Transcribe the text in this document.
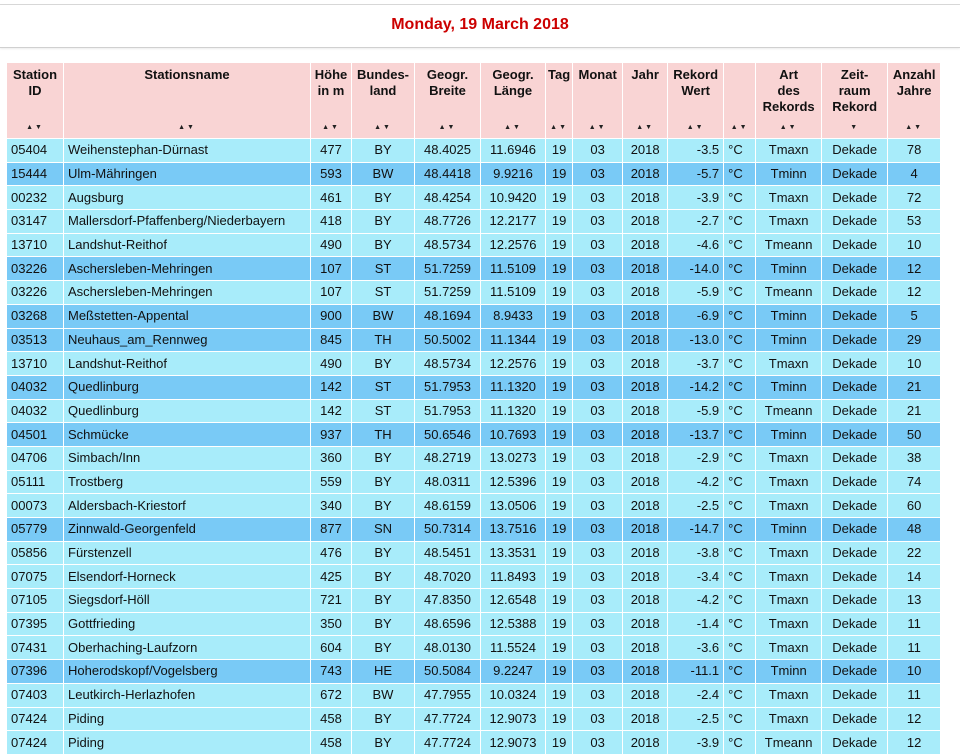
Monday, 19 March 2018
Station
ID
▲▼	Stationsname
▲▼	Höhe
in m
▲▼	Bundes-
land
▲▼	Geogr.
Breite
▲▼	Geogr.
Länge
▲▼	Tag
▲▼	Monat
▲▼	Jahr
▲▼	Rekord
Wert
▲▼	▲▼	Art
des
Rekords
▲▼	Zeit-
raum
Rekord
▼	Anzahl
Jahre
▲▼

05404	Weihenstephan-Dürnast	477	BY	48.4025	11.6946	19	03	2018	-3.5	°C	Tmaxn	Dekade	78
15444	Ulm-Mähringen	593	BW	48.4418	9.9216	19	03	2018	-5.7	°C	Tminn	Dekade	4
00232	Augsburg	461	BY	48.4254	10.9420	19	03	2018	-3.9	°C	Tmaxn	Dekade	72
03147	Mallersdorf-Pfaffenberg/Niederbayern	418	BY	48.7726	12.2177	19	03	2018	-2.7	°C	Tmaxn	Dekade	53
13710	Landshut-Reithof	490	BY	48.5734	12.2576	19	03	2018	-4.6	°C	Tmeann	Dekade	10
03226	Aschersleben-Mehringen	107	ST	51.7259	11.5109	19	03	2018	-14.0	°C	Tminn	Dekade	12
03226	Aschersleben-Mehringen	107	ST	51.7259	11.5109	19	03	2018	-5.9	°C	Tmeann	Dekade	12
03268	Meßstetten-Appental	900	BW	48.1694	8.9433	19	03	2018	-6.9	°C	Tminn	Dekade	5
03513	Neuhaus_am_Rennweg	845	TH	50.5002	11.1344	19	03	2018	-13.0	°C	Tminn	Dekade	29
13710	Landshut-Reithof	490	BY	48.5734	12.2576	19	03	2018	-3.7	°C	Tmaxn	Dekade	10
04032	Quedlinburg	142	ST	51.7953	11.1320	19	03	2018	-14.2	°C	Tminn	Dekade	21
04032	Quedlinburg	142	ST	51.7953	11.1320	19	03	2018	-5.9	°C	Tmeann	Dekade	21
04501	Schmücke	937	TH	50.6546	10.7693	19	03	2018	-13.7	°C	Tminn	Dekade	50
04706	Simbach/Inn	360	BY	48.2719	13.0273	19	03	2018	-2.9	°C	Tmaxn	Dekade	38
05111	Trostberg	559	BY	48.0311	12.5396	19	03	2018	-4.2	°C	Tmaxn	Dekade	74
00073	Aldersbach-Kriestorf	340	BY	48.6159	13.0506	19	03	2018	-2.5	°C	Tmaxn	Dekade	60
05779	Zinnwald-Georgenfeld	877	SN	50.7314	13.7516	19	03	2018	-14.7	°C	Tminn	Dekade	48
05856	Fürstenzell	476	BY	48.5451	13.3531	19	03	2018	-3.8	°C	Tmaxn	Dekade	22
07075	Elsendorf-Horneck	425	BY	48.7020	11.8493	19	03	2018	-3.4	°C	Tmaxn	Dekade	14
07105	Siegsdorf-Höll	721	BY	47.8350	12.6548	19	03	2018	-4.2	°C	Tmaxn	Dekade	13
07395	Gottfrieding	350	BY	48.6596	12.5388	19	03	2018	-1.4	°C	Tmaxn	Dekade	11
07431	Oberhaching-Laufzorn	604	BY	48.0130	11.5524	19	03	2018	-3.6	°C	Tmaxn	Dekade	11
07396	Hoherodskopf/Vogelsberg	743	HE	50.5084	9.2247	19	03	2018	-11.1	°C	Tminn	Dekade	10
07403	Leutkirch-Herlazhofen	672	BW	47.7955	10.0324	19	03	2018	-2.4	°C	Tmaxn	Dekade	11
07424	Piding	458	BY	47.7724	12.9073	19	03	2018	-2.5	°C	Tmaxn	Dekade	12
07424	Piding	458	BY	47.7724	12.9073	19	03	2018	-3.9	°C	Tmeann	Dekade	12
